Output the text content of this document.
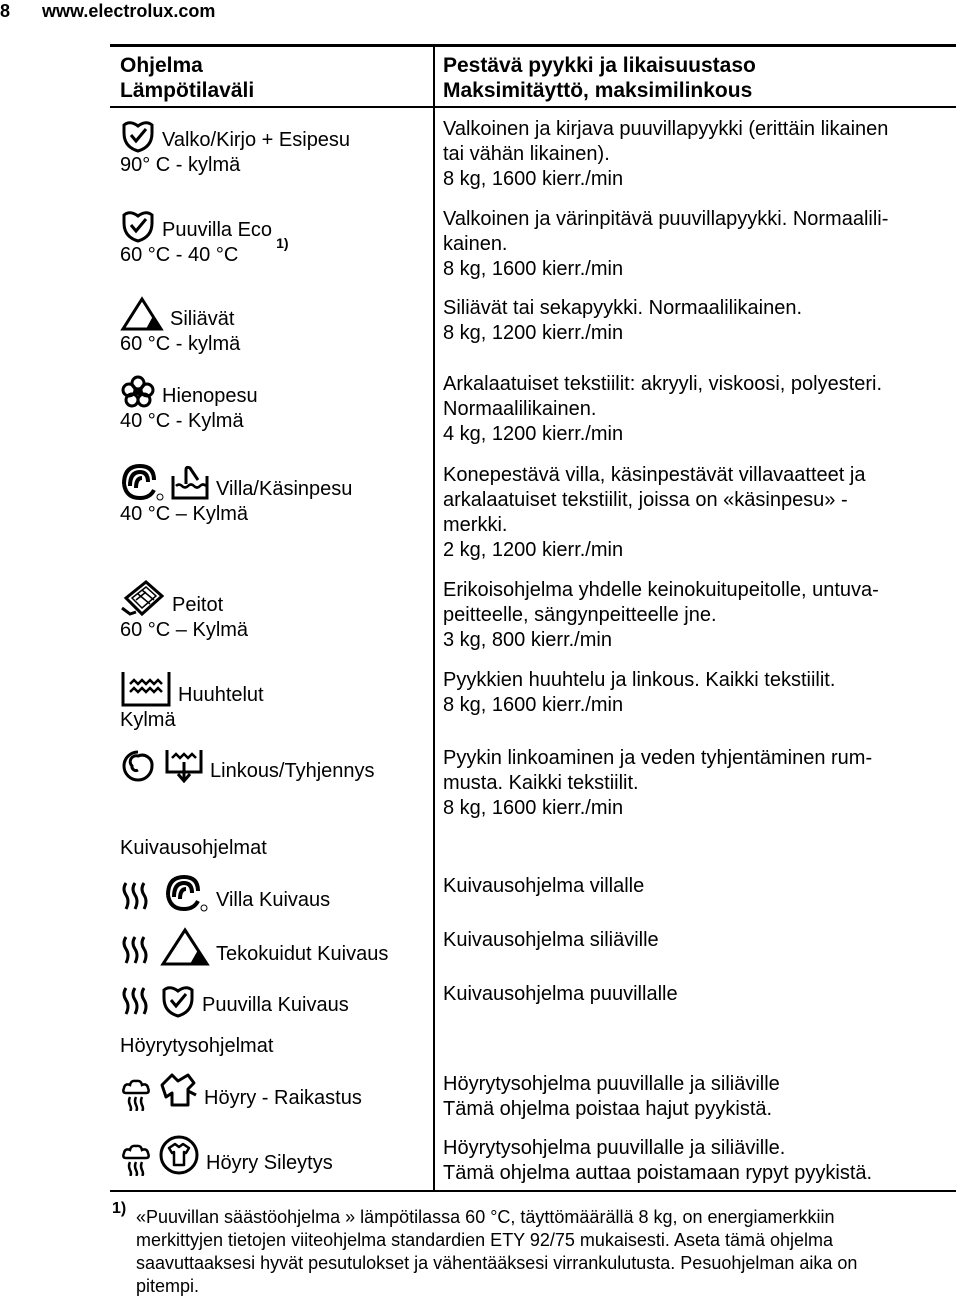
8 www.electrolux.com
Ohjelma
Lämpötilaväli
Pestävä pyykki ja likaisuustaso
Maksimitäyttö, maksimilinkous
Valko/Kirjo + Esipesu
90° C - kylmä
Valkoinen ja kirjava puuvillapyykki (erittäin likainen
tai vähän likainen).
8 kg, 1600 kierr./min
Puuvilla Eco
1)
60 °C - 40 °C
Valkoinen ja värinpitävä puuvillapyykki. Normaalili-
kainen.
8 kg, 1600 kierr./min
Siliävät
60 °C - kylmä
Siliävät tai sekapyykki. Normaalilikainen.
8 kg, 1200 kierr./min
Hienopesu
40 °C - Kylmä
Arkalaatuiset tekstiilit: akryyli, viskoosi, polyesteri.
Normaalilikainen.
4 kg, 1200 kierr./min
Villa/Käsinpesu
40 °C – Kylmä
Konepestävä villa, käsinpestävät villavaatteet ja
arkalaatuiset tekstiilit, joissa on «käsinpesu» -
merkki.
2 kg, 1200 kierr./min
Peitot
60 °C – Kylmä
Erikoisohjelma yhdelle keinokuitupeitolle, untuva-
peitteelle, sängynpeitteelle jne.
3 kg, 800 kierr./min
Huuhtelut
Kylmä
Pyykkien huuhtelu ja linkous. Kaikki tekstiilit.
8 kg, 1600 kierr./min
Linkous/Tyhjennys
Pyykin linkoaminen ja veden tyhjentäminen rum-
musta. Kaikki tekstiilit.
8 kg, 1600 kierr./min
Kuivausohjelmat
Villa Kuivaus
Kuivausohjelma villalle
Tekokuidut Kuivaus
Kuivausohjelma siliäville
Puuvilla Kuivaus	Kuivausohjelma puuvillalle
Höyrytysohjelmat
Höyry - Raikastus
Höyrytysohjelma puuvillalle ja siliäville
Tämä ohjelma poistaa hajut pyykistä.
Höyry Sileytys
Höyrytysohjelma puuvillalle ja siliäville.
Tämä ohjelma auttaa poistamaan rypyt pyykistä.
1) «Puuvillan säästöohjelma » lämpötilassa 60 °C, täyttömäärällä 8 kg, on energiamerkkiin
merkittyjen tietojen viiteohjelma standardien ETY 92/75 mukaisesti. Aseta tämä ohjelma
saavuttaaksesi hyvät pesutulokset ja vähentääksesi virrankulutusta. Pesuohjelman aika on
pitempi.
